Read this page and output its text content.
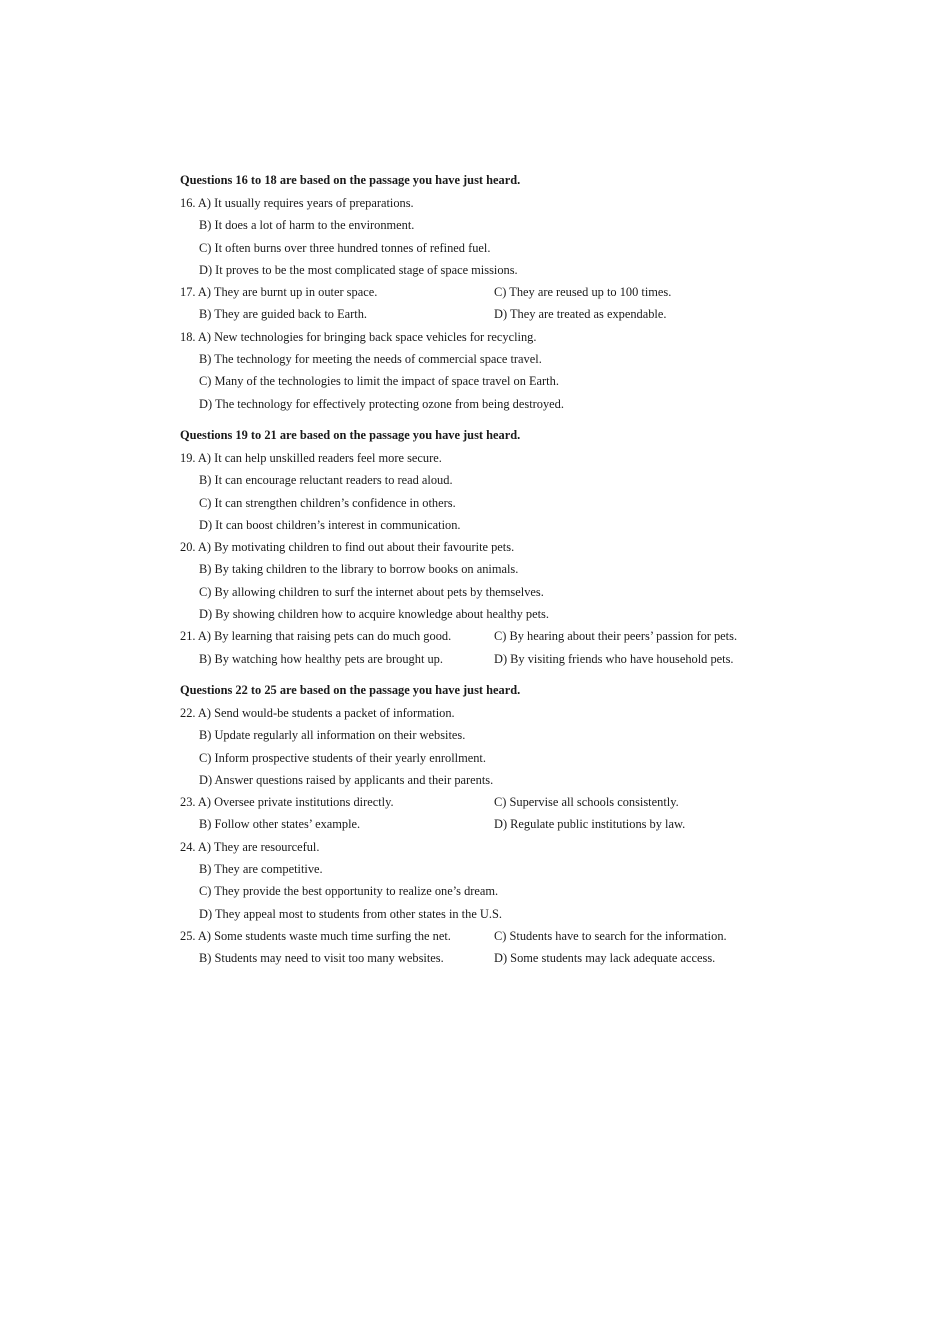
Questions 16 to 18 are based on the passage you have just heard.
16. A) It usually requires years of preparations.
B) It does a lot of harm to the environment.
C) It often burns over three hundred tonnes of refined fuel.
D) It proves to be the most complicated stage of space missions.
17. A) They are burnt up in outer space.	C) They are reused up to 100 times.
B) They are guided back to Earth.	D) They are treated as expendable.
18. A) New technologies for bringing back space vehicles for recycling.
B) The technology for meeting the needs of commercial space travel.
C) Many of the technologies to limit the impact of space travel on Earth.
D) The technology for effectively protecting ozone from being destroyed.
Questions 19 to 21 are based on the passage you have just heard.
19. A) It can help unskilled readers feel more secure.
B) It can encourage reluctant readers to read aloud.
C) It can strengthen children’s confidence in others.
D) It can boost children’s interest in communication.
20. A) By motivating children to find out about their favourite pets.
B) By taking children to the library to borrow books on animals.
C) By allowing children to surf the internet about pets by themselves.
D) By showing children how to acquire knowledge about healthy pets.
21. A) By learning that raising pets can do much good.	C) By hearing about their peers’ passion for pets.
B) By watching how healthy pets are brought up.	D) By visiting friends who have household pets.
Questions 22 to 25 are based on the passage you have just heard.
22. A) Send would-be students a packet of information.
B) Update regularly all information on their websites.
C) Inform prospective students of their yearly enrollment.
D) Answer questions raised by applicants and their parents.
23. A) Oversee private institutions directly.	C) Supervise all schools consistently.
B) Follow other states’ example.	D) Regulate public institutions by law.
24. A) They are resourceful.
B) They are competitive.
C) They provide the best opportunity to realize one’s dream.
D) They appeal most to students from other states in the U.S.
25. A) Some students waste much time surfing the net.	C) Students have to search for the information.
B) Students may need to visit too many websites.	D) Some students may lack adequate access.
